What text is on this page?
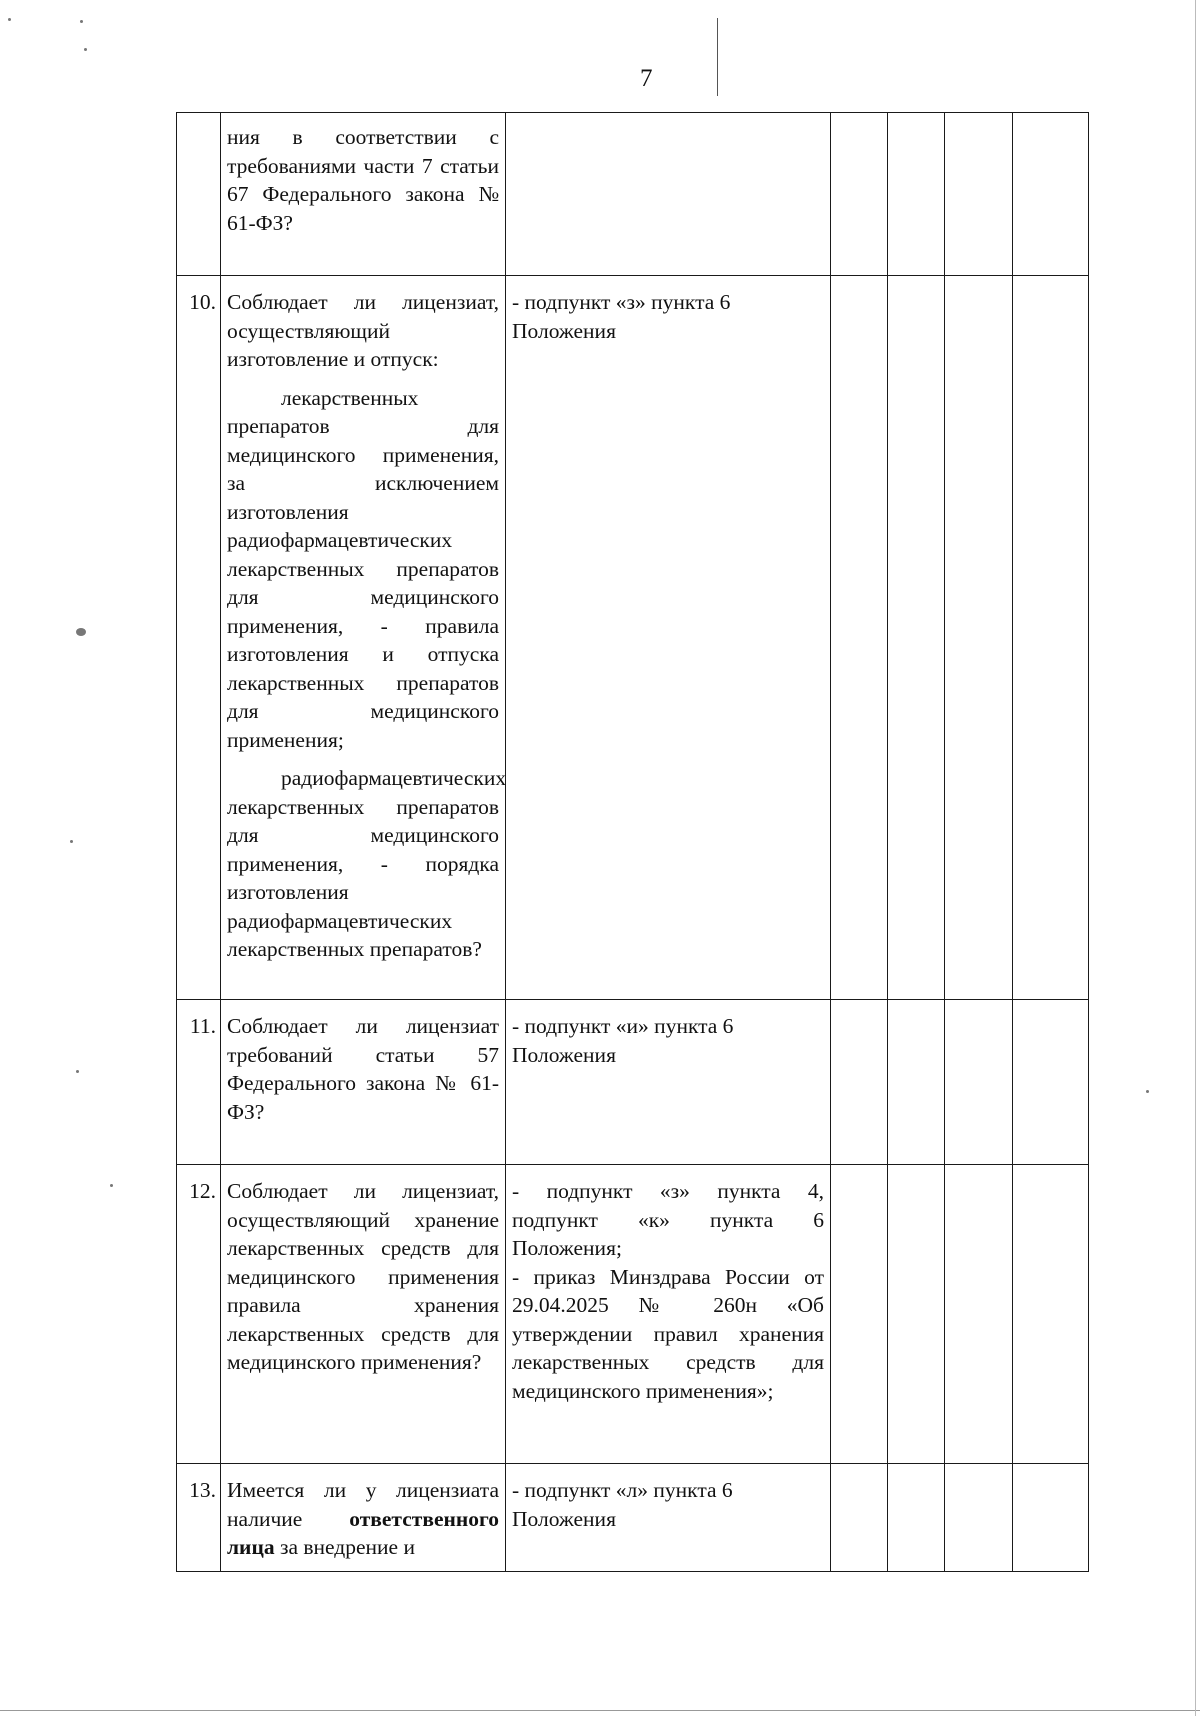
7

	ния в соответствии с требованиями части 7 статьи 67 Федерального закона № 61-ФЗ?					

10.	Соблюдает ли лицензиат, осуществляющий изготовление и отпуск:

лекарственных препаратов для медицинского применения, за исключением изготовления радиофармацевтических лекарственных препаратов для медицинского применения, - правила изготовления и отпуска лекарственных препаратов для медицинского применения;

радиофармацевтических лекарственных препаратов для медицинского применения, - порядка изготовления радиофармацевтических лекарственных препаратов?	- подпункт «з» пункта 6 Положения				

11.	Соблюдает ли лицензиат требований статьи 57 Федерального закона № 61-ФЗ?	- подпункт «и» пункта 6 Положения				

12.	Соблюдает ли лицензиат, осуществляющий хранение лекарственных средств для медицинского применения правила хранения лекарственных средств для медицинского применения?	- подпункт «з» пункта 4, подпункт «к» пункта 6 Положения;

- приказ Минздрава России от 29.04.2025 № 260н «Об утверждении правил хранения лекарственных средств для медицинского применения»;				

13.	Имеется ли у лицензиата наличие ответственного лица за внедрение и	- подпункт «л» пункта 6 Положения				
